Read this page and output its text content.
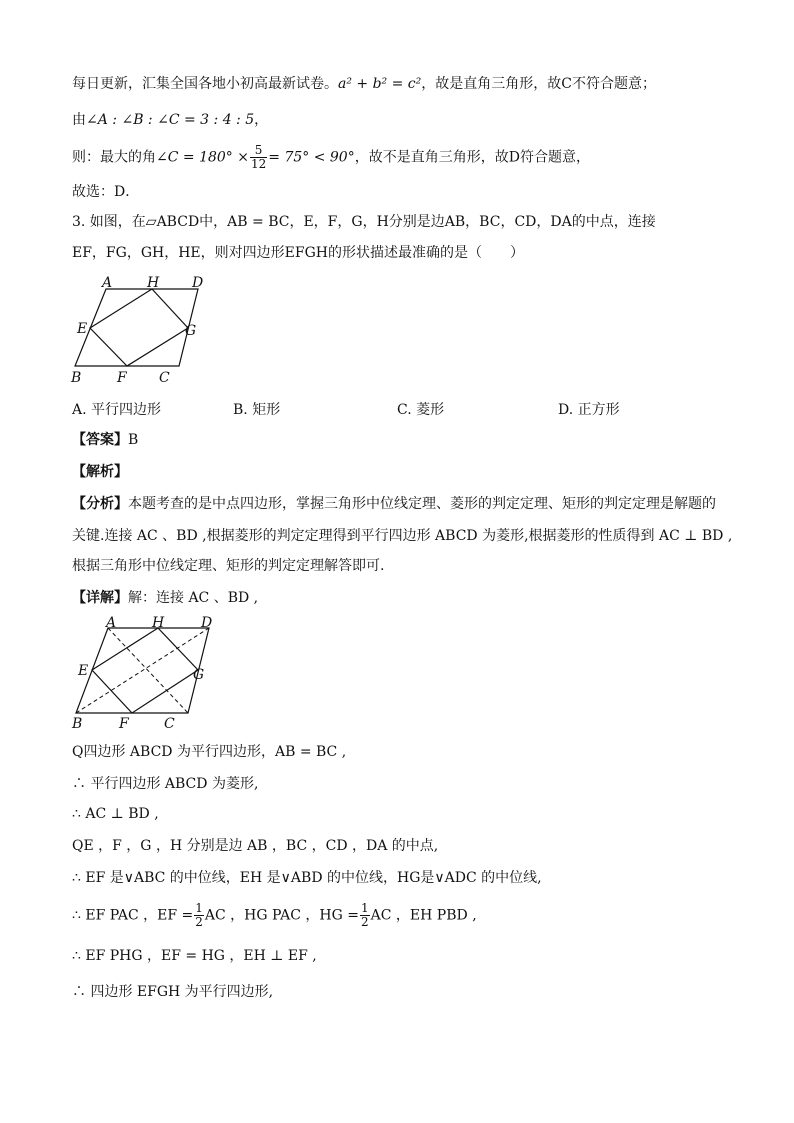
每日更新，汇集全国各地小初高最新试卷。a² + b² = c²，故是直角三角形，故C不符合题意；
由∠A : ∠B : ∠C = 3 : 4 : 5，
则：最大的角∠C = $180^\circ \times \frac{5}{12} = 75^\circ < 90^\circ$，故不是直角三角形，故D符合题意，
故选：D．
3. 如图，在▱ABCD中，AB = BC，E，F，G，H分别是边AB，BC，CD，DA的中点，连接
EF，FG，GH，HE，则对四边形EFGH的形状描述最准确的是（　　）
A H D
E	G
B	F C
A. 平行四边形	B. 矩形	C. 菱形	D. 正方形
【答案】B
【解析】
【分析】本题考查的是中点四边形，掌握三角形中位线定理、菱形的判定定理、矩形的判定定理是解题的
关键.连接 AC 、BD ,根据菱形的判定定理得到平行四边形 ABCD 为菱形,根据菱形的性质得到 AC ⊥ BD ,
根据三角形中位线定理、矩形的判定定理解答即可.
【详解】解：连接 AC 、BD ,
A	H	D
E	G
B	F	C
Q四边形 ABCD 为平行四边形，AB = BC ,
∴ 平行四边形 ABCD 为菱形,
∴ AC ⊥ BD ,
QE ，F ，G ，H 分别是边 AB ，BC ，CD ，DA 的中点,
∴ EF 是∨ABC 的中位线，EH 是∨ABD 的中位线，HG是∨ADC 的中位线,
∴ EF PAC ，EF = $\frac{1}{2}$ AC ，HG PAC ，HG = $\frac{1}{2}$ AC ，EH PBD ,
∴ EF PHG ，EF = HG ，EH ⊥ EF ,
∴ 四边形 EFGH 为平行四边形,
